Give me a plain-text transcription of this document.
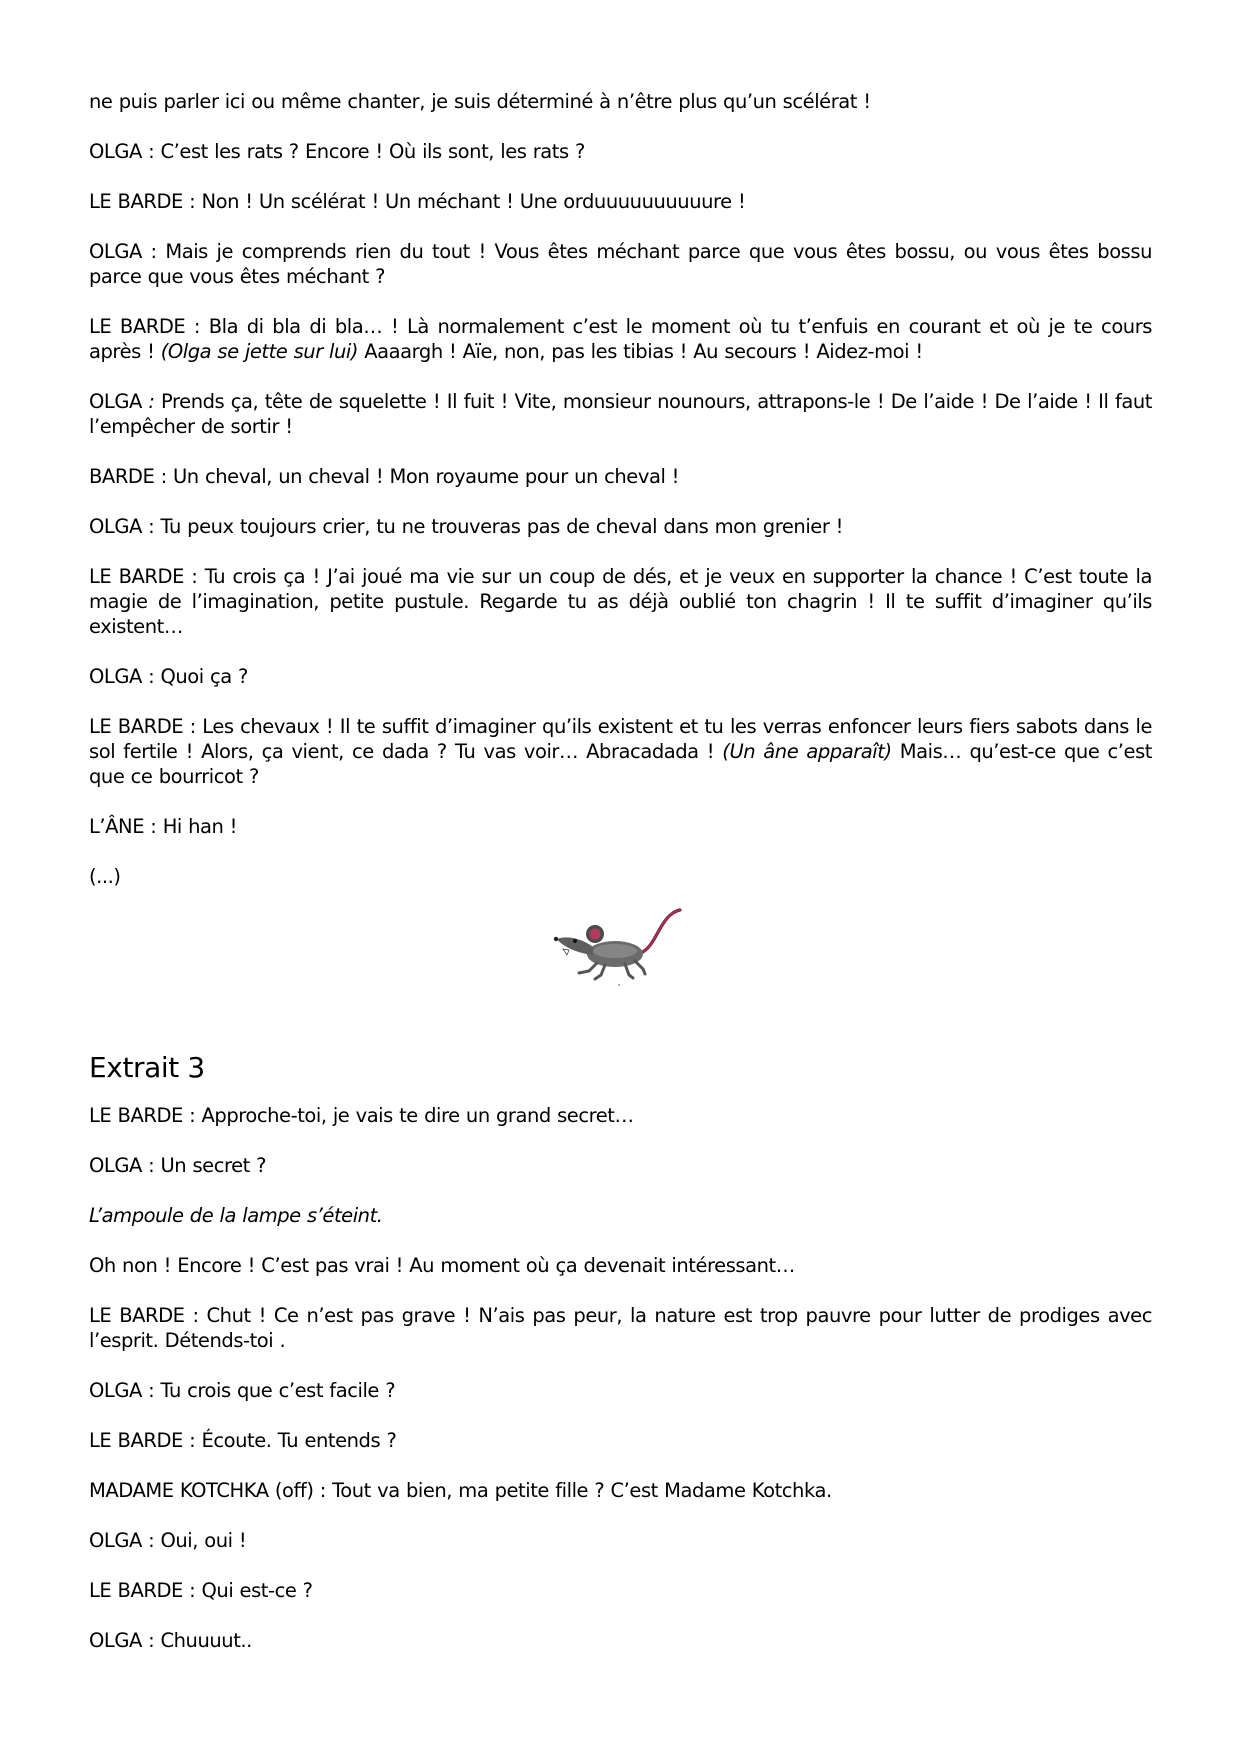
ne puis parler ici ou même chanter, je suis déterminé à n’être plus qu’un scélérat !

OLGA : C’est les rats ? Encore ! Où ils sont, les rats ?

LE BARDE : Non ! Un scélérat ! Un méchant ! Une orduuuuuuuuuure !

OLGA : Mais je comprends rien du tout ! Vous êtes méchant parce que vous êtes bossu, ou vous êtes bossu parce que vous êtes méchant ?

LE BARDE : Bla di bla di bla… ! Là normalement c’est le moment où tu t’enfuis en courant et où je te cours après ! (Olga se jette sur lui) Aaaargh ! Aïe, non, pas les tibias ! Au secours ! Aidez-moi !

OLGA : Prends ça, tête de squelette ! Il fuit ! Vite, monsieur nounours, attrapons-le ! De l’aide ! De l’aide ! Il faut l’empêcher de sortir !

BARDE : Un cheval, un cheval ! Mon royaume pour un cheval !

OLGA : Tu peux toujours crier, tu ne trouveras pas de cheval dans mon grenier !

LE BARDE : Tu crois ça ! J’ai joué ma vie sur un coup de dés, et je veux en supporter la chance ! C’est toute la magie de l’imagination, petite pustule. Regarde tu as déjà oublié ton chagrin ! Il te suffit d’imaginer qu’ils existent…

OLGA : Quoi ça ?

LE BARDE : Les chevaux ! Il te suffit d’imaginer qu’ils existent et tu les verras enfoncer leurs fiers sabots dans le sol fertile ! Alors, ça vient, ce dada ? Tu vas voir… Abracadada ! (Un âne apparaît) Mais… qu’est-ce que c’est que ce bourricot ?

L’ÂNE : Hi han !

(...)

Extrait 3

LE BARDE : Approche-toi, je vais te dire un grand secret…

OLGA : Un secret ?

L’ampoule de la lampe s’éteint.

Oh non ! Encore ! C’est pas vrai ! Au moment où ça devenait intéressant…

LE BARDE : Chut ! Ce n’est pas grave ! N’ais pas peur, la nature est trop pauvre pour lutter de prodiges avec l’esprit. Détends-toi .

OLGA : Tu crois que c’est facile ?

LE BARDE : Écoute. Tu entends ?

MADAME KOTCHKA (off) : Tout va bien, ma petite fille ? C’est Madame Kotchka.

OLGA : Oui, oui !

LE BARDE : Qui est-ce ?

OLGA : Chuuuut..
